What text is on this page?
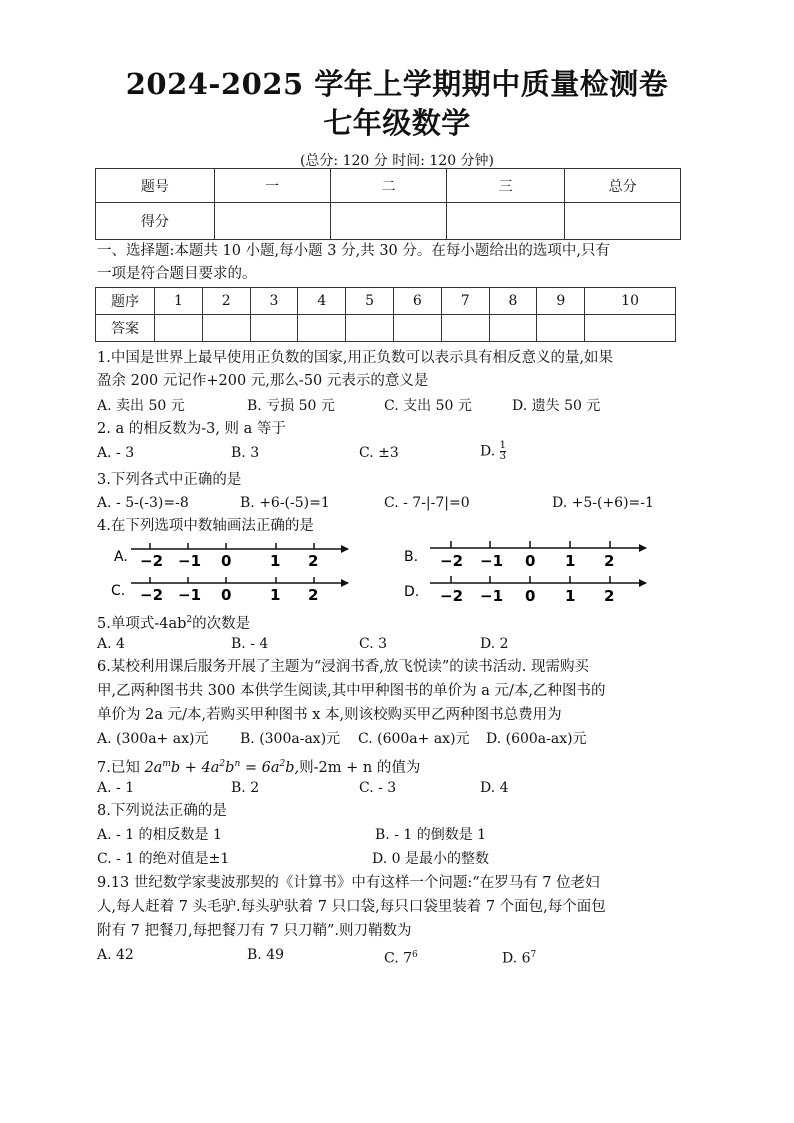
2024-2025 学年上学期期中质量检测卷
七年级数学
(总分: 120 分 时间: 120 分钟)
题号	一	二	三	总分
得分				
一、选择题:本题共 10 小题,每小题 3 分,共 30 分。在每小题给出的选项中,只有
一项是符合题目要求的。
题序	1	2	3	4	5	6	7	8	9	10
答案										
1.中国是世界上最早使用正负数的国家,用正负数可以表示具有相反意义的量,如果
盈余 200 元记作+200 元,那么-50 元表示的意义是
A. 卖出 50 元	B. 亏损 50 元	C. 支出 50 元	D. 遗失 50 元
2. a 的相反数为-3, 则 a 等于
A. - 3	B. 3	C. ±3	D. $\frac{1}{3}$
3.下列各式中正确的是
A. - 5-(-3)=-8	B. +6-(-5)=1	C. - 7-|-7|=0	D. +5-(+6)=-1
4.在下列选项中数轴画法正确的是
A.	B.
C.	D.
−2 −1 0	1 2	−2 −1 0 1 2
−2 −1 0	1 2	−2 −1 0 1 2
5.单项式$-4ab^2$的次数是
A. 4	B. - 4	C. 3	D. 2
6.某校利用课后服务开展了主题为“浸润书香,放飞悦读”的读书活动. 现需购买
甲,乙两种图书共 300 本供学生阅读,其中甲种图书的单价为 a 元/本,乙种图书的
单价为 2a 元/本,若购买甲种图书 x 本,则该校购买甲乙两种图书总费用为
A. (300a+ ax)元 B. (300a-ax)元 C. (600a+ ax)元 D. (600a-ax)元
7.已知 $2a^mb + 4a^2b^n = 6a^2b$,则-2m + n 的值为
A. - 1	B. 2	C. - 3	D. 4
8.下列说法正确的是
A. - 1 的相反数是 1	B. - 1 的倒数是 1
C. - 1 的绝对值是±1	D. 0 是最小的整数
9.13 世纪数学家斐波那契的《计算书》中有这样一个问题:“在罗马有 7 位老妇
人,每人赶着 7 头毛驴.每头驴驮着 7 只口袋,每只口袋里装着 7 个面包,每个面包
附有 7 把餐刀,每把餐刀有 7 只刀鞘”.则刀鞘数为
A. 42	B. 49	C. $7^6$	D. $6^7$
